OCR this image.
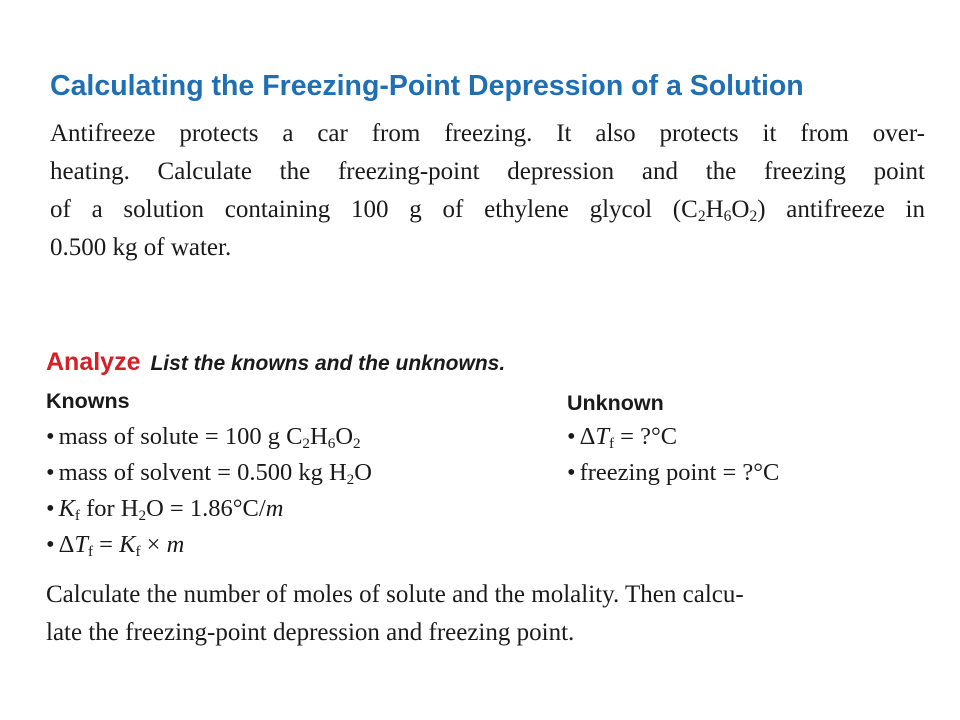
Calculating the Freezing-Point Depression of a Solution
Antifreeze protects a car from freezing. It also protects it from over-
heating. Calculate the freezing-point depression and the freezing point
of a solution containing 100 g of ethylene glycol $(C_2H_6O_2)$ antifreeze in
0.500 kg of water.
Analyze List the knowns and the unknowns.
Knowns	Unknown
• mass of solute = 100 g $C_2H_6O_2$
• mass of solvent = 0.500 kg $H_2O$
• $K_f$ for $H_2O = 1.86^\circ C/m$
• $\Delta T_f = K_f \times m$
• $\Delta T_f$ = ?°C
• freezing point = ?°C
Calculate the number of moles of solute and the molality. Then calcu-
late the freezing-point depression and freezing point.
